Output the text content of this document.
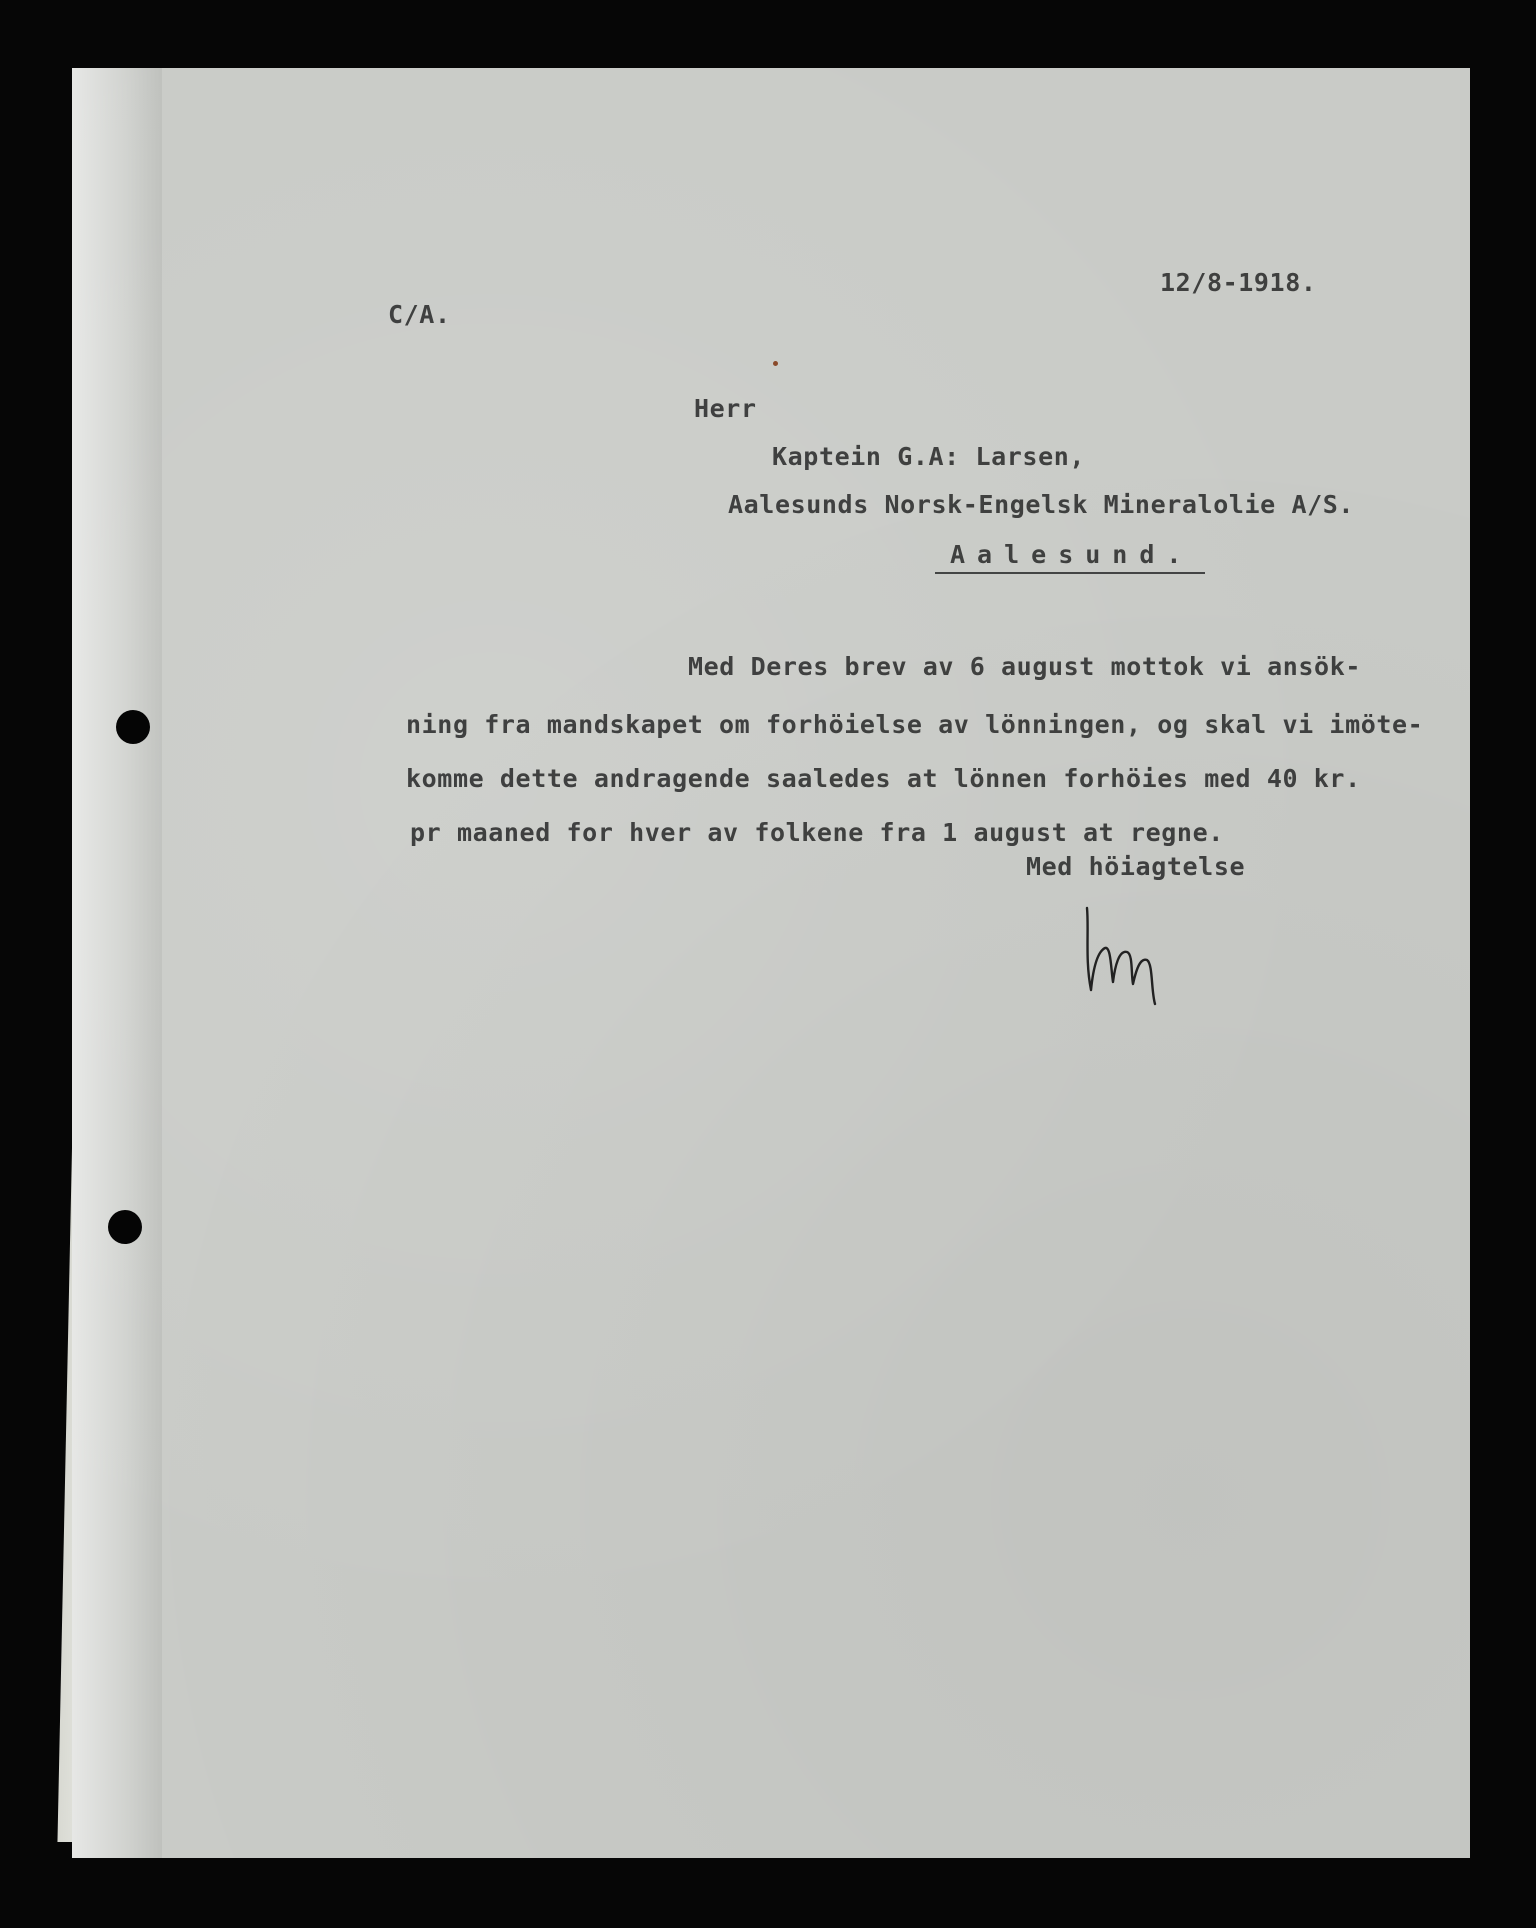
C/A.
12/8-1918.
Herr
Kaptein G.A: Larsen,
Aalesunds Norsk-Engelsk Mineralolie A/S.
Aalesund.
Med Deres brev av 6 august mottok vi ansök-
ning fra mandskapet om forhöielse av lönningen, og skal vi imöte-
komme dette andragende saaledes at lönnen forhöies med 40 kr.
pr maaned for hver av folkene fra 1 august at regne.
Med höiagtelse
